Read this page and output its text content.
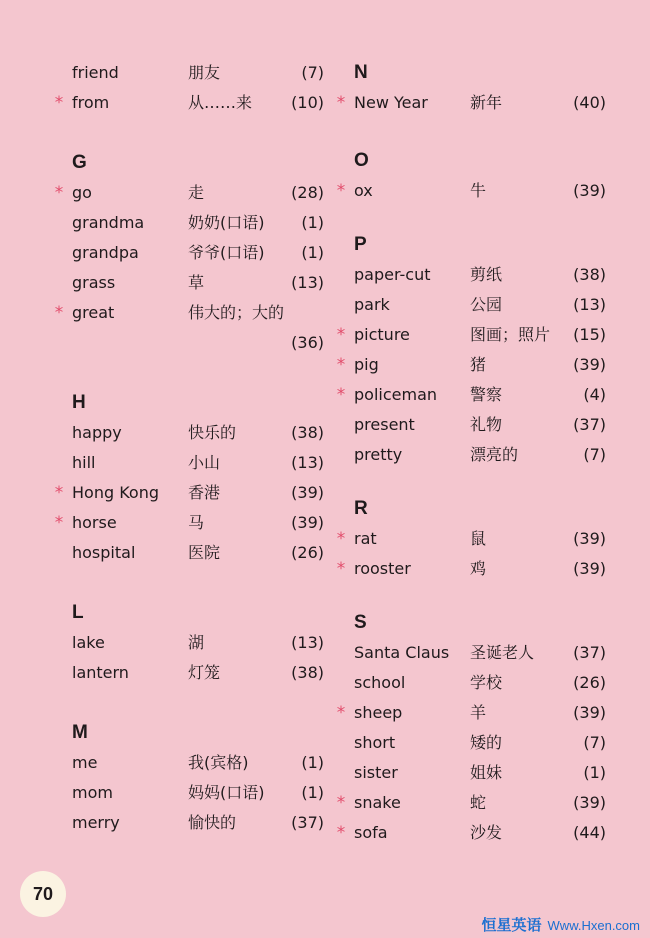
friend	朋友	(7)
* from	从……来 (10)
G
* go	走	(28)
grandma	奶奶(口语) (1)
grandpa	爷爷(口语) (1)
grass	草	(13)
* great	伟大的；大的
(36)
H
happy	快乐的	(38)
hill	小山	(13)
* Hong Kong 香港	(39)
* horse	马	(39)
hospital	医院	(26)
L
lake	湖	(13)
lantern	灯笼	(38)
M
me	我(宾格)	(1)
mom	妈妈(口语) (1)
merry	愉快的	(37)
N
* New Year	新年	(40)
O
* ox	牛	(39)
P
paper-cut 剪纸	(38)
park	公园	(13)
* picture	图画；照片 (15)
* pig	猪	(39)
* policeman 警察	(4)
present	礼物	(37)
pretty	漂亮的	(7)
R
* rat	鼠	(39)
* rooster	鸡	(39)
S
Santa Claus 圣诞老人 (37)
school	学校	(26)
* sheep	羊	(39)
short	矮的	(7)
sister	姐妹	(1)
* snake	蛇	(39)
* sofa	沙发	(44)
70
恒星英语 Www.Hxen.com
